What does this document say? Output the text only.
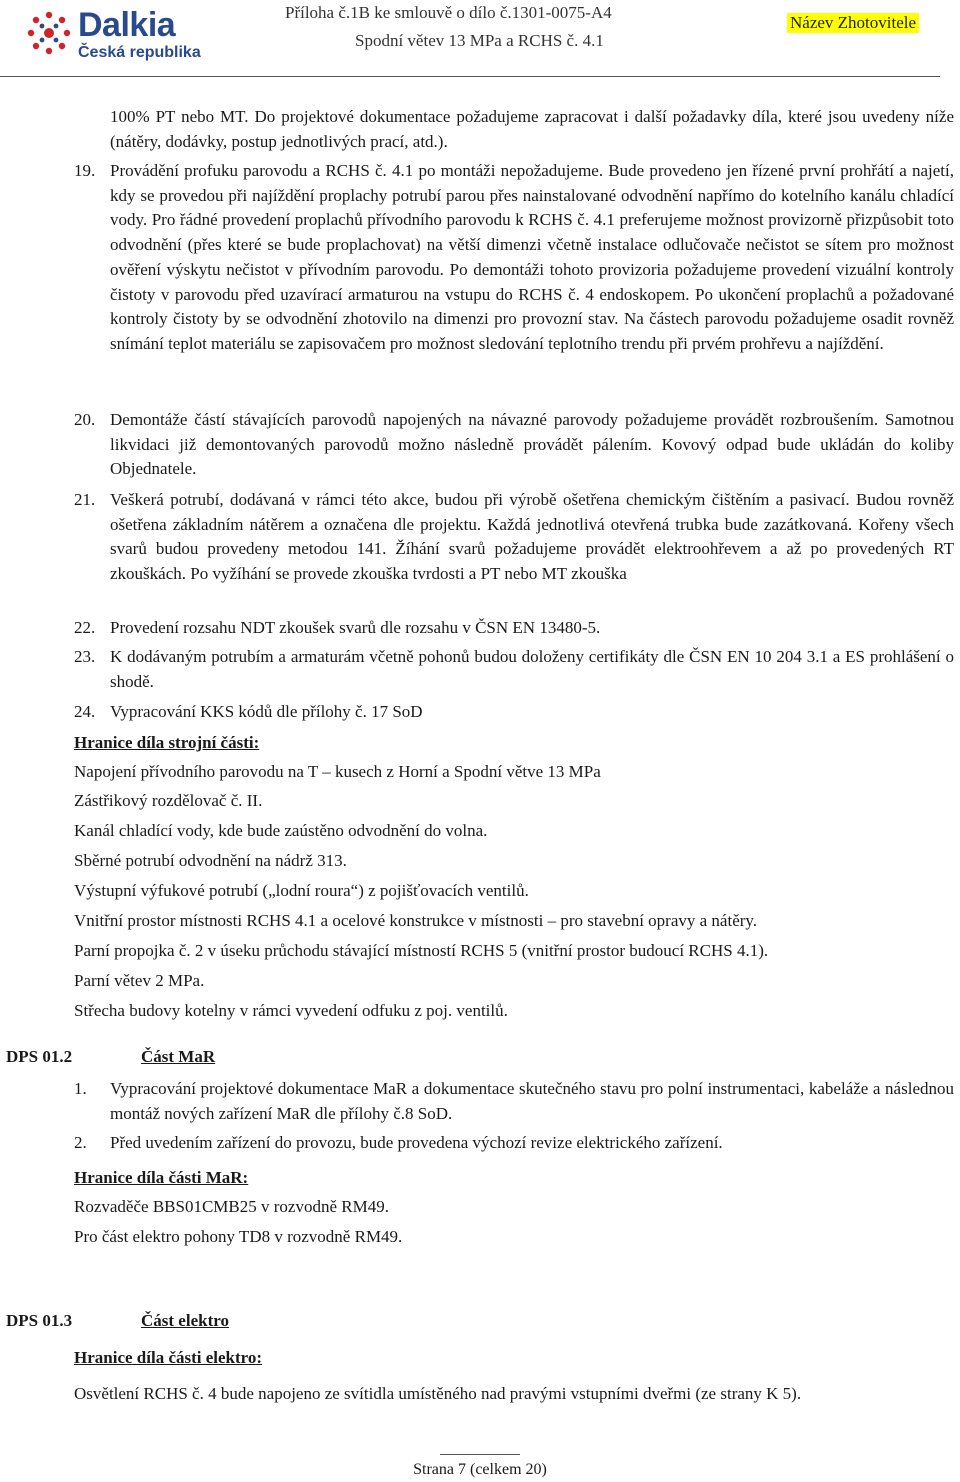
Dalkia
Česká republika
Příloha č.1B ke smlouvě o dílo č.1301-0075-A4
Spodní větev 13 MPa a RCHS č. 4.1
Název Zhotovitele

100% PT nebo MT. Do projektové dokumentace požadujeme zapracovat i další požadavky díla, které jsou uvedeny níže (nátěry, dodávky, postup jednotlivých prací, atd.).

19. Provádění profuku parovodu a RCHS č. 4.1 po montáži nepožadujeme. Bude provedeno jen řízené první prohřátí a najetí, kdy se provedou při najíždění proplachy potrubí parou přes nainstalované odvodnění napřímo do kotelního kanálu chladící vody. Pro řádné provedení proplachů přívodního parovodu k RCHS č. 4.1 preferujeme možnost provizorně přizpůsobit toto odvodnění (přes které se bude proplachovat) na větší dimenzi včetně instalace odlučovače nečistot se sítem pro možnost ověření výskytu nečistot v přívodním parovodu. Po demontáži tohoto provizoria požadujeme provedení vizuální kontroly čistoty v parovodu před uzavírací armaturou na vstupu do RCHS č. 4 endoskopem. Po ukončení proplachů a požadované kontroly čistoty by se odvodnění zhotovilo na dimenzi pro provozní stav. Na částech parovodu požadujeme osadit rovněž snímání teplot materiálu se zapisovačem pro možnost sledování teplotního trendu při prvém prohřevu a najíždění.

20. Demontáže částí stávajících parovodů napojených na návazné parovody požadujeme provádět rozbroušením. Samotnou likvidaci již demontovaných parovodů možno následně provádět pálením. Kovový odpad bude ukládán do koliby Objednatele.

21. Veškerá potrubí, dodávaná v rámci této akce, budou při výrobě ošetřena chemickým čištěním a pasivací. Budou rovněž ošetřena základním nátěrem a označena dle projektu. Každá jednotlivá otevřená trubka bude zazátkovaná. Kořeny všech svarů budou provedeny metodou 141. Žíhání svarů požadujeme provádět elektroohřevem a až po provedených RT zkouškách. Po vyžíhání se provede zkouška tvrdosti a PT nebo MT zkouška

22. Provedení rozsahu NDT zkoušek svarů dle rozsahu v ČSN EN 13480-5.

23. K dodávaným potrubím a armaturám včetně pohonů budou doloženy certifikáty dle ČSN EN 10 204 3.1 a ES prohlášení o shodě.

24. Vypracování KKS kódů dle přílohy č. 17 SoD

Hranice díla strojní části:
Napojení přívodního parovodu na T – kusech z Horní a Spodní větve 13 MPa
Zástřikový rozdělovač č. II.
Kanál chladící vody, kde bude zaústěno odvodnění do volna.
Sběrné potrubí odvodnění na nádrž 313.
Výstupní výfukové potrubí („lodní roura“) z pojišťovacích ventilů.
Vnitřní prostor místnosti RCHS 4.1 a ocelové konstrukce v místnosti – pro stavební opravy a nátěry.
Parní propojka č. 2 v úseku průchodu stávající místností RCHS 5 (vnitřní prostor budoucí RCHS 4.1).
Parní větev 2 MPa.
Střecha budovy kotelny v rámci vyvedení odfuku z poj. ventilů.
DPS 01.2	Část MaR
1. Vypracování projektové dokumentace MaR a dokumentace skutečného stavu pro polní instrumentaci, kabeláže a následnou montáž nových zařízení MaR dle přílohy č.8 SoD.

2. Před uvedením zařízení do provozu, bude provedena výchozí revize elektrického zařízení.

Hranice díla části MaR:
Rozvaděče BBS01CMB25 v rozvodně RM49.
Pro část elektro pohony TD8 v rozvodně RM49.
DPS 01.3	Část elektro
Hranice díla části elektro:

Osvětlení RCHS č. 4 bude napojeno ze svítidla umístěného nad pravými vstupními dveřmi (ze strany K 5).

Strana 7 (celkem 20)
